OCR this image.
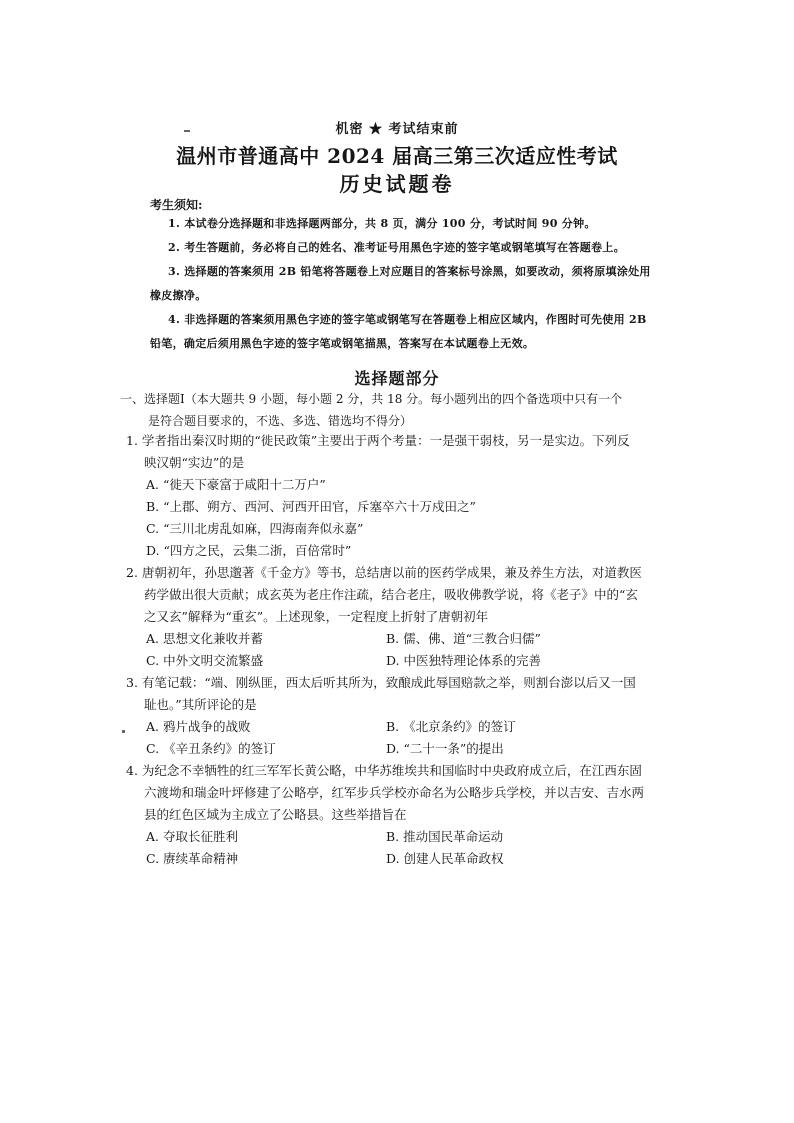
机密 ★ 考试结束前
温州市普通高中 2024 届高三第三次适应性考试
历史试题卷
考生须知:
1. 本试卷分选择题和非选择题两部分，共 8 页，满分 100 分，考试时间 90 分钟。
2. 考生答题前，务必将自己的姓名、准考证号用黑色字迹的签字笔或钢笔填写在答题卷上。
3. 选择题的答案须用 2B 铅笔将答题卷上对应题目的答案标号涂黑，如要改动，须将原填涂处用
橡皮擦净。
4. 非选择题的答案须用黑色字迹的签字笔或钢笔写在答题卷上相应区域内，作图时可先使用 2B
铅笔，确定后须用黑色字迹的签字笔或钢笔描黑，答案写在本试题卷上无效。
选择题部分
一、选择题Ⅰ（本大题共 9 小题，每小题 2 分，共 18 分。每小题列出的四个备选项中只有一个
是符合题目要求的，不选、多选、错选均不得分）
1. 学者指出秦汉时期的“徙民政策”主要出于两个考量：一是强干弱枝，另一是实边。下列反
映汉朝“实边”的是
A. “徙天下豪富于咸阳十二万户”
B. “上郡、朔方、西河、河西开田官，斥塞卒六十万戍田之”
C. “三川北虏乱如麻，四海南奔似永嘉”
D. “四方之民，云集二浙，百倍常时”
2. 唐朝初年，孙思邈著《千金方》等书，总结唐以前的医药学成果，兼及养生方法，对道教医
药学做出很大贡献；成玄英为老庄作注疏，结合老庄，吸收佛教学说，将《老子》中的“玄
之又玄”解释为“重玄”。上述现象，一定程度上折射了唐朝初年
A. 思想文化兼收并蓄	B. 儒、佛、道“三教合归儒”
C. 中外文明交流繁盛	D. 中医独特理论体系的完善
3. 有笔记载：“端、刚纵匪，西太后听其所为，致酿成此辱国赔款之举，则割台澎以后又一国
耻也。”其所评论的是
A. 鸦片战争的战败	B. 《北京条约》的签订
C. 《辛丑条约》的签订	D. “二十一条”的提出
4. 为纪念不幸牺牲的红三军军长黄公略，中华苏维埃共和国临时中央政府成立后，在江西东固
六渡坳和瑞金叶坪修建了公略亭，红军步兵学校亦命名为公略步兵学校，并以吉安、吉水两
县的红色区域为主成立了公略县。这些举措旨在
A. 夺取长征胜利	B. 推动国民革命运动
C. 赓续革命精神	D. 创建人民革命政权
